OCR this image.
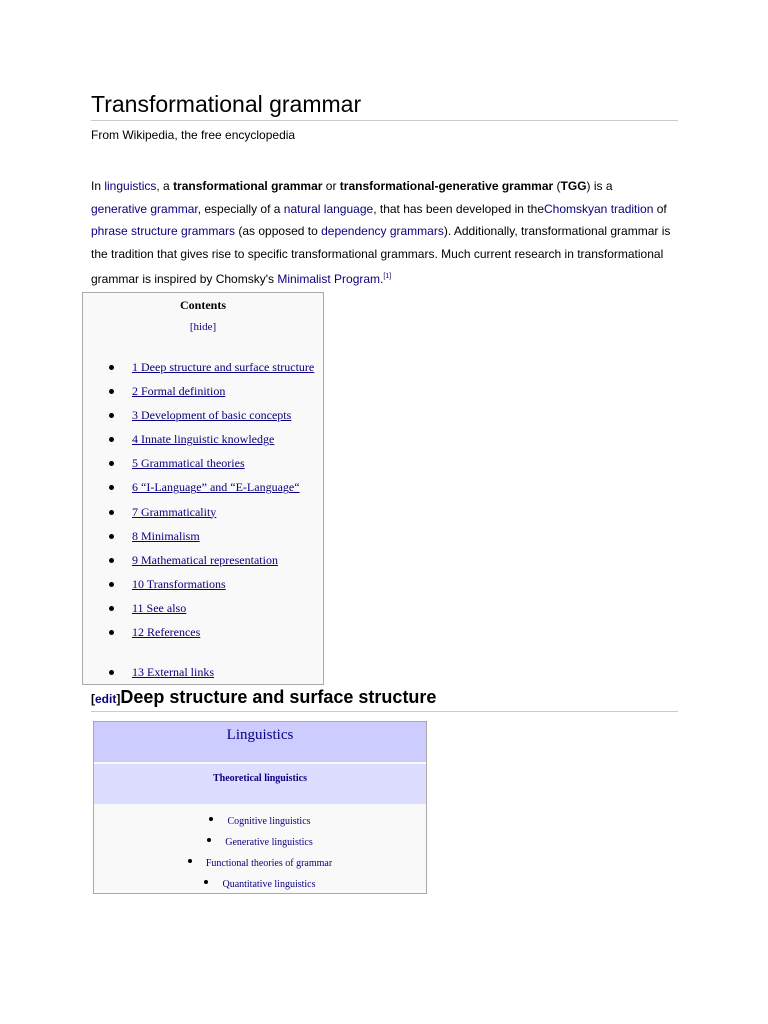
Transformational grammar
From Wikipedia, the free encyclopedia

In linguistics, a transformational grammar or transformational-generative grammar (TGG) is a generative grammar, especially of a natural language, that has been developed in theChomskyan tradition of phrase structure grammars (as opposed to dependency grammars). Additionally, transformational grammar is the tradition that gives rise to specific transformational grammars. Much current research in transformational grammar is inspired by Chomsky's Minimalist Program.[1]

Contents
[hide]
1 Deep structure and surface structure
2 Formal definition
3 Development of basic concepts
4 Innate linguistic knowledge
5 Grammatical theories
6 “I-Language” and “E-Language“
7 Grammaticality
8 Minimalism
9 Mathematical representation
10 Transformations
11 See also
12 References
13 External links
[edit]Deep structure and surface structure
Linguistics
Theoretical linguistics
Cognitive linguistics
Generative linguistics
Functional theories of grammar
Quantitative linguistics
